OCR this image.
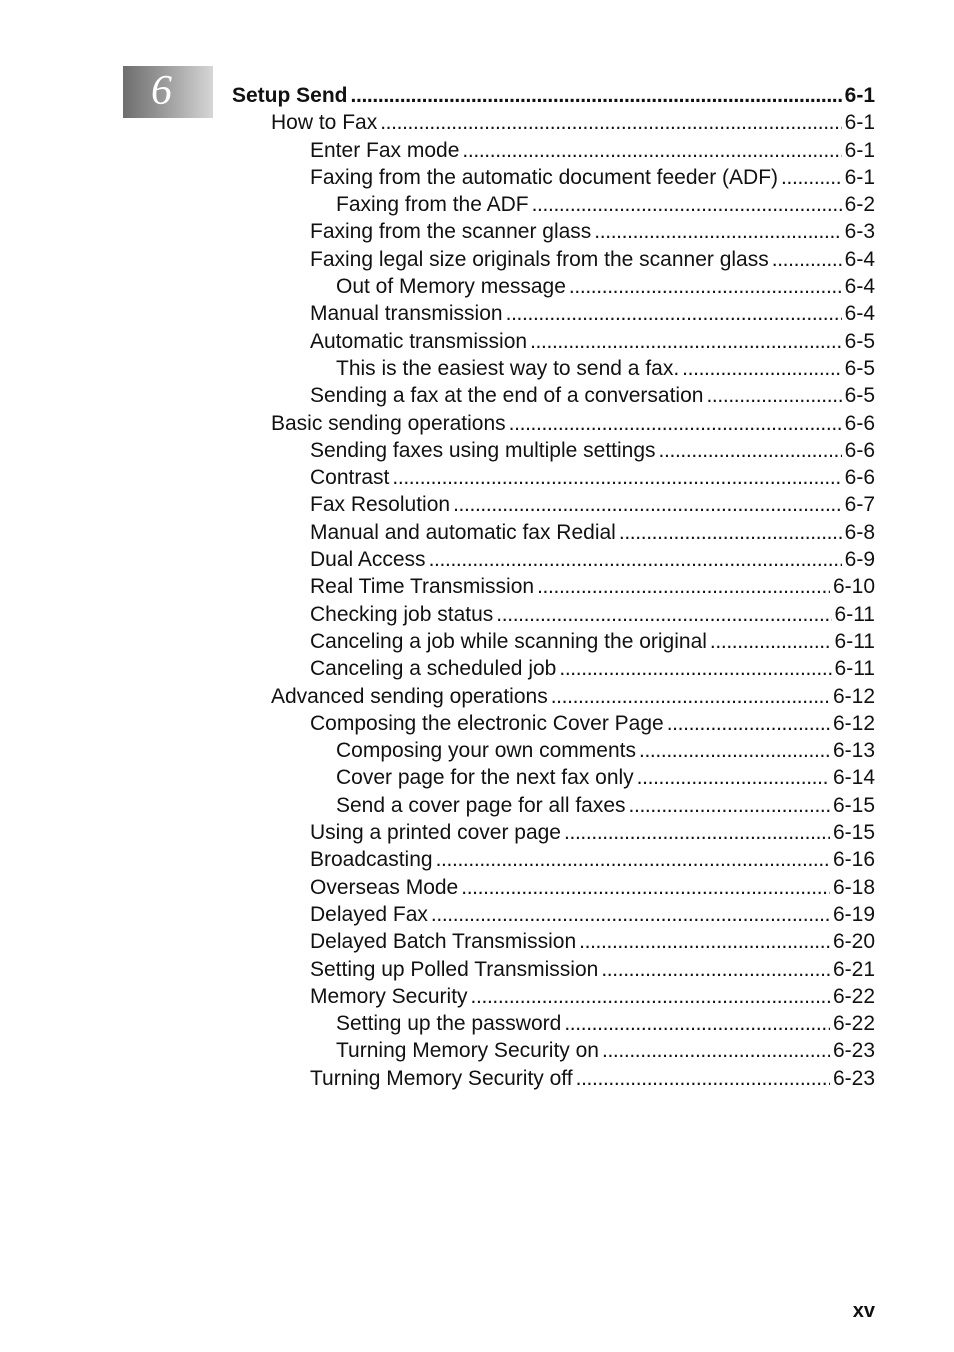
6	Setup Send . . .	6-1
How to Fax . . .	6-1
Enter Fax mode . . .	6-1
Faxing from the automatic document feeder (ADF) . . .	6-1
Faxing from the ADF . . .	6-2
Faxing from the scanner glass . . .	6-3
Faxing legal size originals from the scanner glass . . .	6-4
Out of Memory message . . .	6-4
Manual transmission . . .	6-4
Automatic transmission . . .	6-5
This is the easiest way to send a fax. . . .	6-5
Sending a fax at the end of a conversation . . .	6-5
Basic sending operations . . .	6-6
Sending faxes using multiple settings . . .	6-6
Contrast . . .	6-6
Fax Resolution . . .	6-7
Manual and automatic fax Redial . . .	6-8
Dual Access . . .	6-9
Real Time Transmission . . .	6-10
Checking job status . . .	6-11
Canceling a job while scanning the original . . .	6-11
Canceling a scheduled job . . .	6-11
Advanced sending operations . . .	6-12
Composing the electronic Cover Page . . .	6-12
Composing your own comments . . .	6-13
Cover page for the next fax only . . .	6-14
Send a cover page for all faxes . . .	6-15
Using a printed cover page . . .	6-15
Broadcasting . . .	6-16
Overseas Mode . . .	6-18
Delayed Fax . . .	6-19
Delayed Batch Transmission . . .	6-20
Setting up Polled Transmission . . .	6-21
Memory Security . . .	6-22
Setting up the password . . .	6-22
Turning Memory Security on . . .	6-23
Turning Memory Security off . . .	6-23
xv
